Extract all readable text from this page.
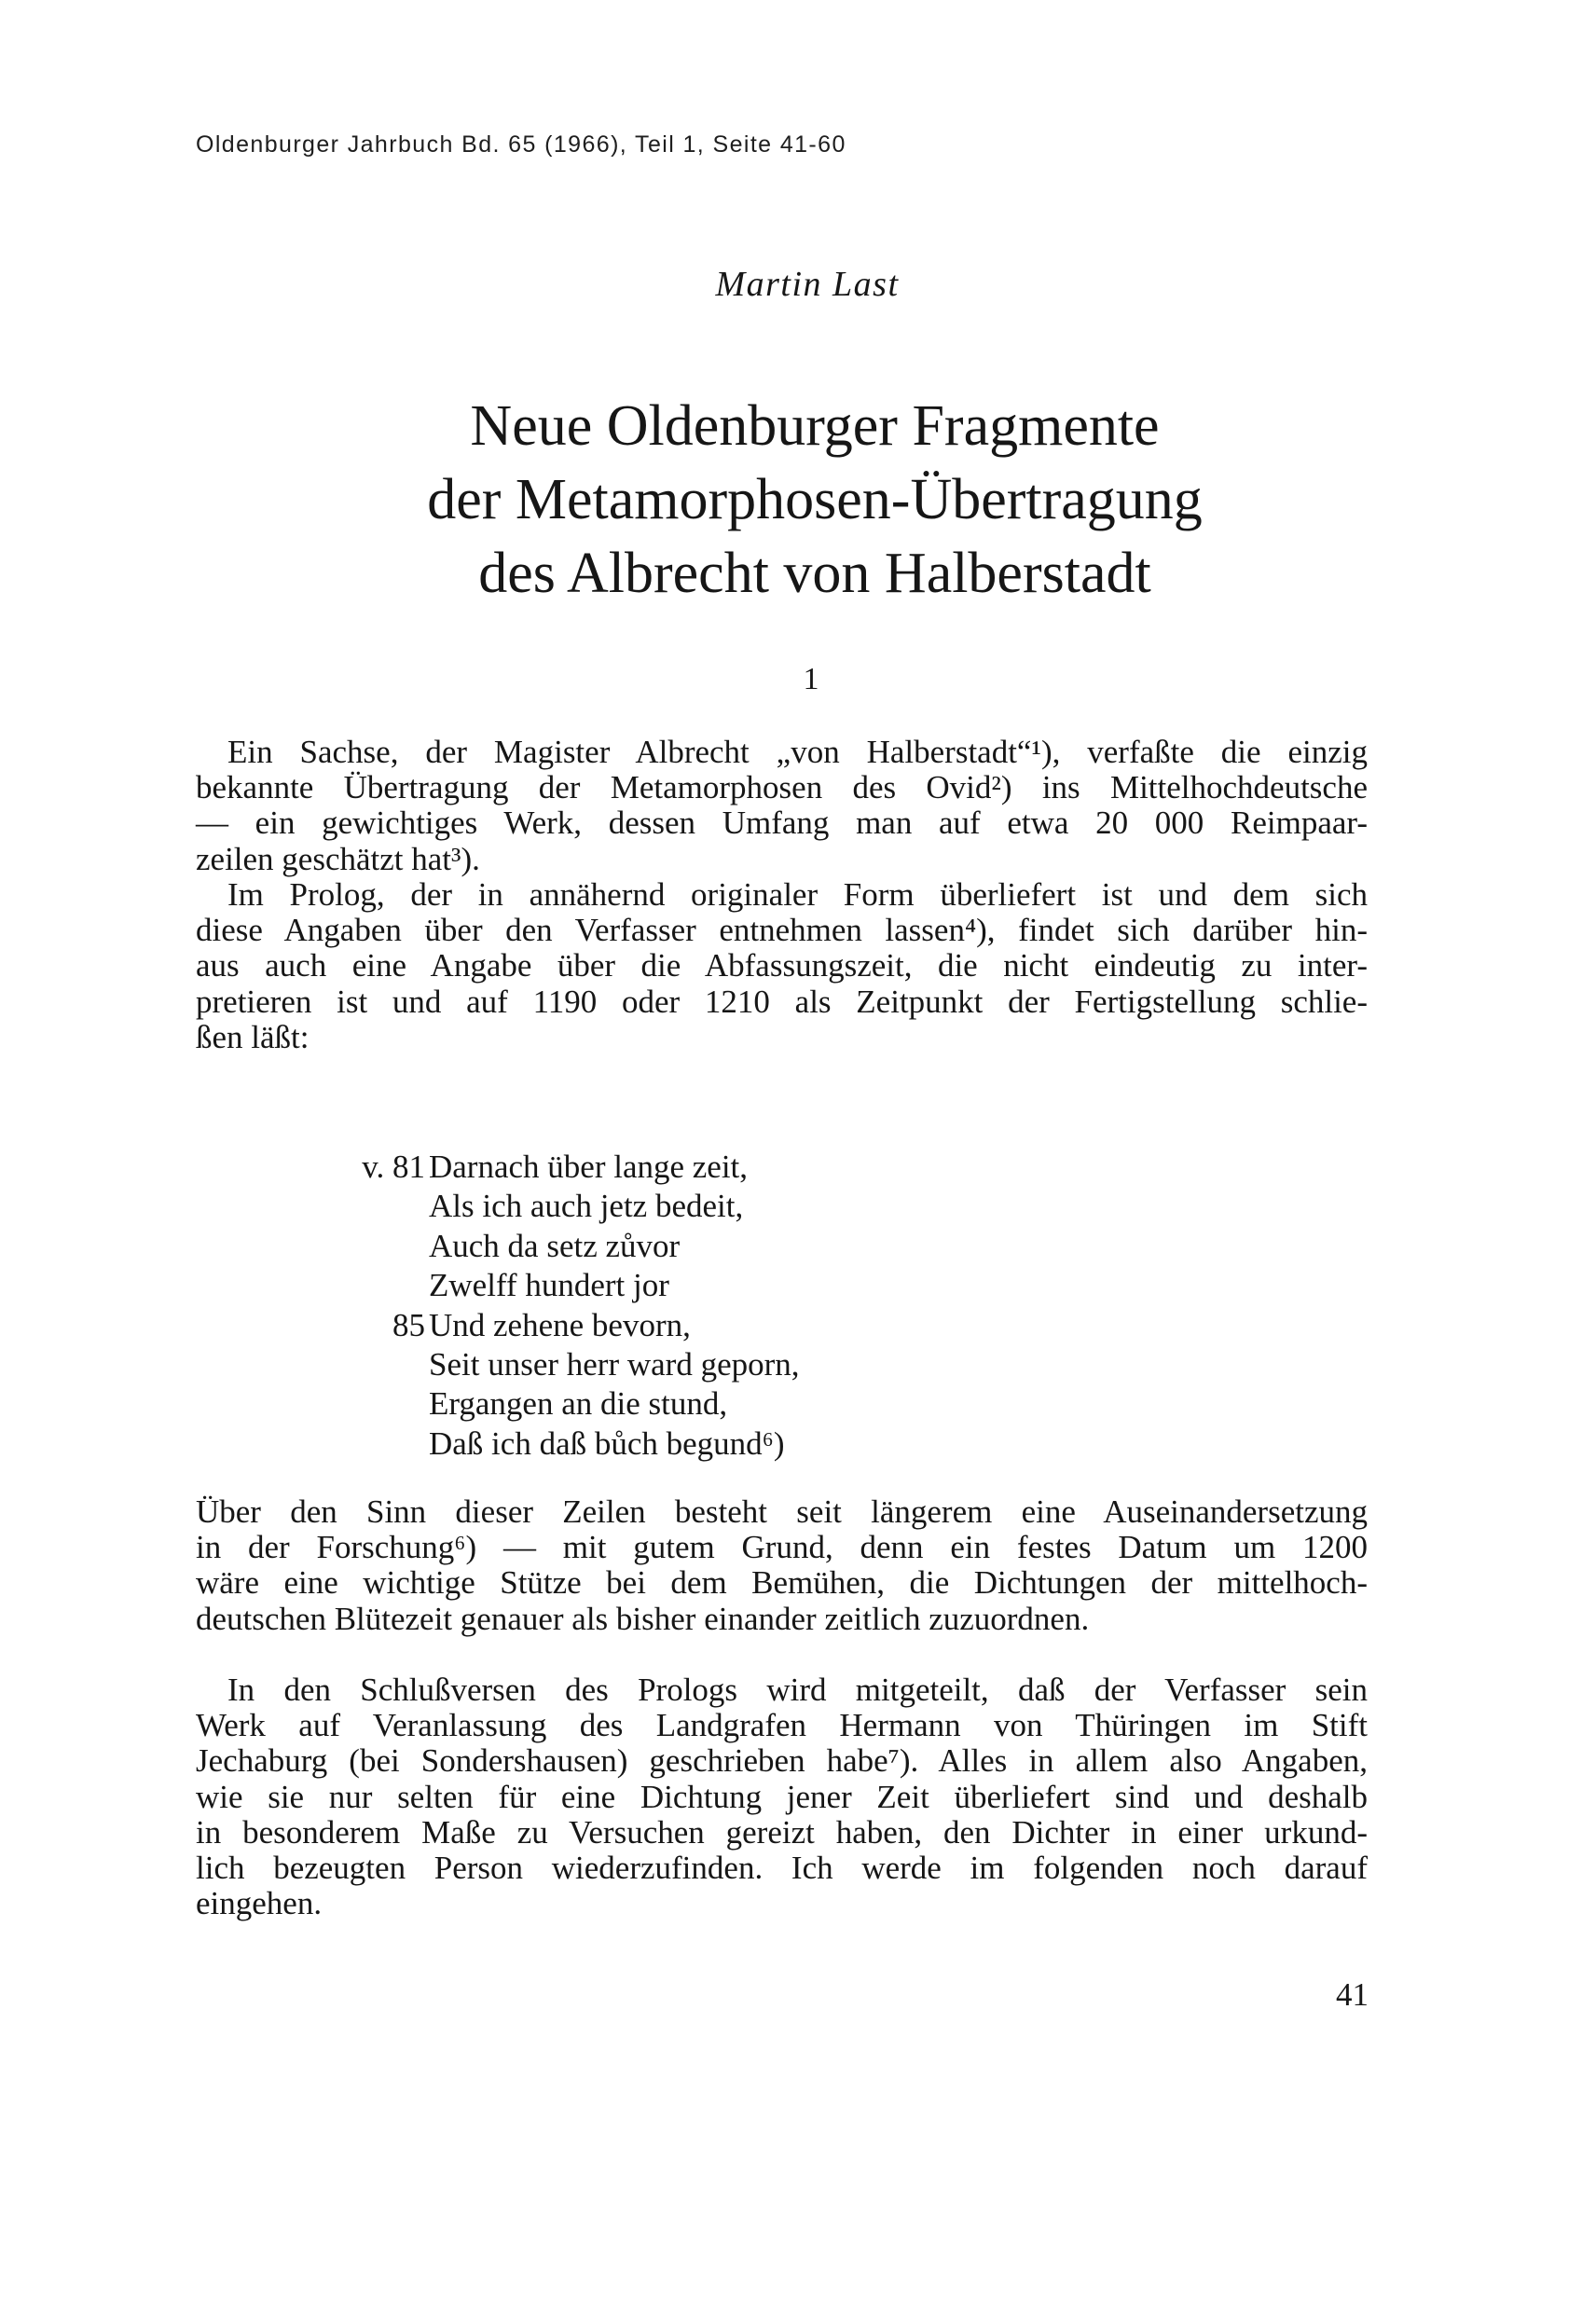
Oldenburger Jahrbuch Bd. 65 (1966), Teil 1, Seite 41-60
Martin Last
Neue Oldenburger Fragmente
der Metamorphosen-Übertragung
des Albrecht von Halberstadt
1
Ein Sachse, der Magister Albrecht „von Halberstadt“¹), verfaßte die einzig
bekannte Übertragung der Metamorphosen des Ovid²) ins Mittelhochdeutsche
— ein gewichtiges Werk, dessen Umfang man auf etwa 20 000 Reimpaar-
zeilen geschätzt hat³).
Im Prolog, der in annähernd originaler Form überliefert ist und dem sich
diese Angaben über den Verfasser entnehmen lassen⁴), findet sich darüber hin-
aus auch eine Angabe über die Abfassungszeit, die nicht eindeutig zu inter-
pretieren ist und auf 1190 oder 1210 als Zeitpunkt der Fertigstellung schlie-
ßen läßt:
v. 81 Darnach über lange zeit,
Als ich auch jetz bedeit,
Auch da setz zůvor
Zwelff hundert jor
85 Und zehene bevorn,
Seit unser herr ward geporn,
Ergangen an die stund,
Daß ich daß bůch begund⁶)
Über den Sinn dieser Zeilen besteht seit längerem eine Auseinandersetzung
in der Forschung⁶) — mit gutem Grund, denn ein festes Datum um 1200
wäre eine wichtige Stütze bei dem Bemühen, die Dichtungen der mittelhoch-
deutschen Blütezeit genauer als bisher einander zeitlich zuzuordnen.
In den Schlußversen des Prologs wird mitgeteilt, daß der Verfasser sein
Werk auf Veranlassung des Landgrafen Hermann von Thüringen im Stift
Jechaburg (bei Sondershausen) geschrieben habe⁷). Alles in allem also Angaben,
wie sie nur selten für eine Dichtung jener Zeit überliefert sind und deshalb
in besonderem Maße zu Versuchen gereizt haben, den Dichter in einer urkund-
lich bezeugten Person wiederzufinden. Ich werde im folgenden noch darauf
eingehen.
41
